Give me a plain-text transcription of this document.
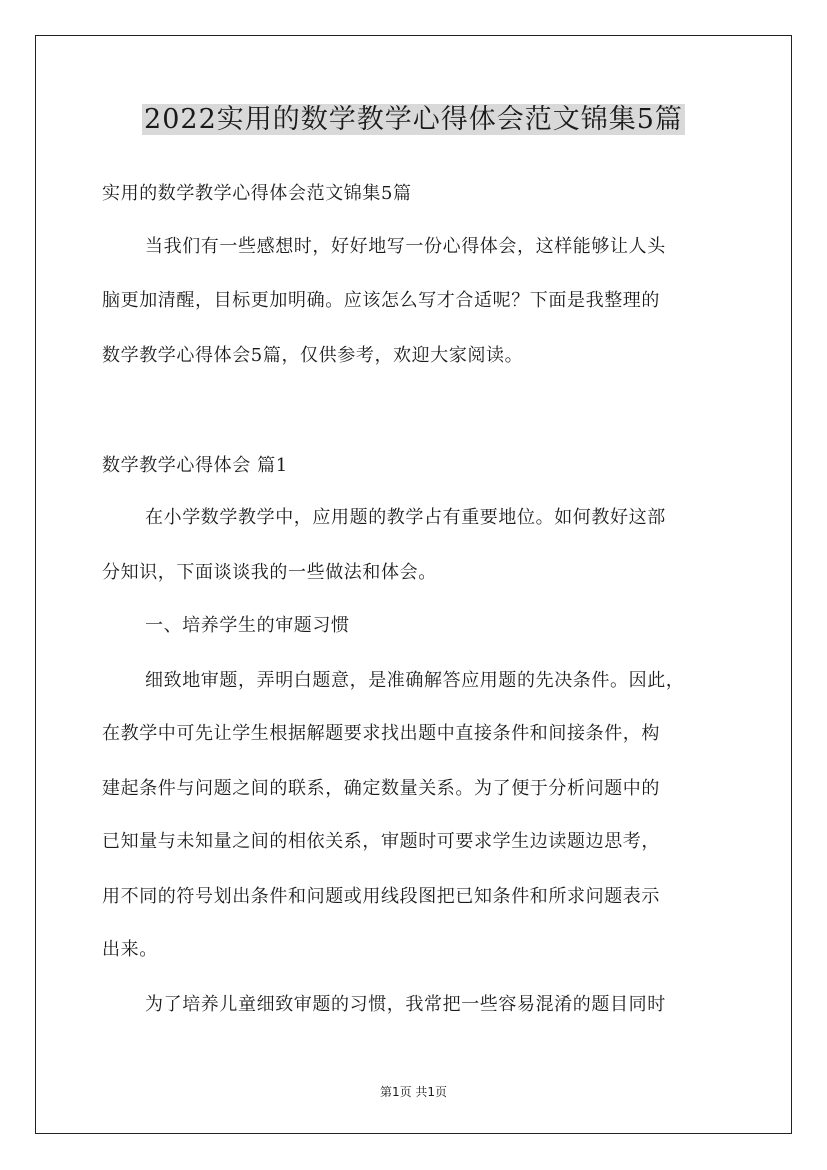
2022实用的数学教学心得体会范文锦集5篇
实用的数学教学心得体会范文锦集5篇
当我们有一些感想时，好好地写一份心得体会，这样能够让人头
脑更加清醒，目标更加明确。应该怎么写才合适呢？下面是我整理的
数学教学心得体会5篇，仅供参考，欢迎大家阅读。
数学教学心得体会 篇1
在小学数学教学中，应用题的教学占有重要地位。如何教好这部
分知识，下面谈谈我的一些做法和体会。
一、培养学生的审题习惯
细致地审题，弄明白题意，是准确解答应用题的先决条件。因此，
在教学中可先让学生根据解题要求找出题中直接条件和间接条件，构
建起条件与问题之间的联系，确定数量关系。为了便于分析问题中的
已知量与未知量之间的相依关系，审题时可要求学生边读题边思考，
用不同的符号划出条件和问题或用线段图把已知条件和所求问题表示
出来。
为了培养儿童细致审题的习惯，我常把一些容易混淆的题目同时
第1页 共1页
